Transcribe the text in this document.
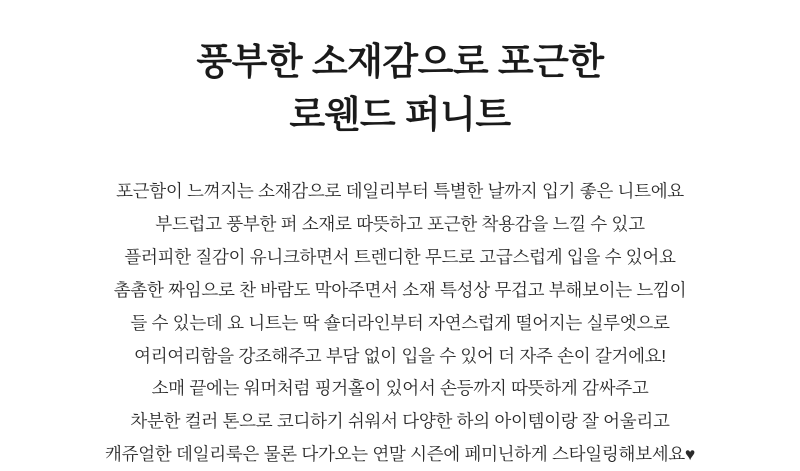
풍부한 소재감으로 포근한
로웬드 퍼니트
포근함이 느껴지는 소재감으로 데일리부터 특별한 날까지 입기 좋은 니트에요
부드럽고 풍부한 퍼 소재로 따뜻하고 포근한 착용감을 느낄 수 있고
플러피한 질감이 유니크하면서 트렌디한 무드로 고급스럽게 입을 수 있어요
촘촘한 짜임으로 찬 바람도 막아주면서 소재 특성상 무겁고 부해보이는 느낌이
들 수 있는데 요 니트는 딱 숄더라인부터 자연스럽게 떨어지는 실루엣으로
여리여리함을 강조해주고 부담 없이 입을 수 있어 더 자주 손이 갈거에요!
소매 끝에는 워머처럼 핑거홀이 있어서 손등까지 따뜻하게 감싸주고
차분한 컬러 톤으로 코디하기 쉬워서 다양한 하의 아이템이랑 잘 어울리고
캐쥬얼한 데일리룩은 물론 다가오는 연말 시즌에 페미닌하게 스타일링해보세요♥
